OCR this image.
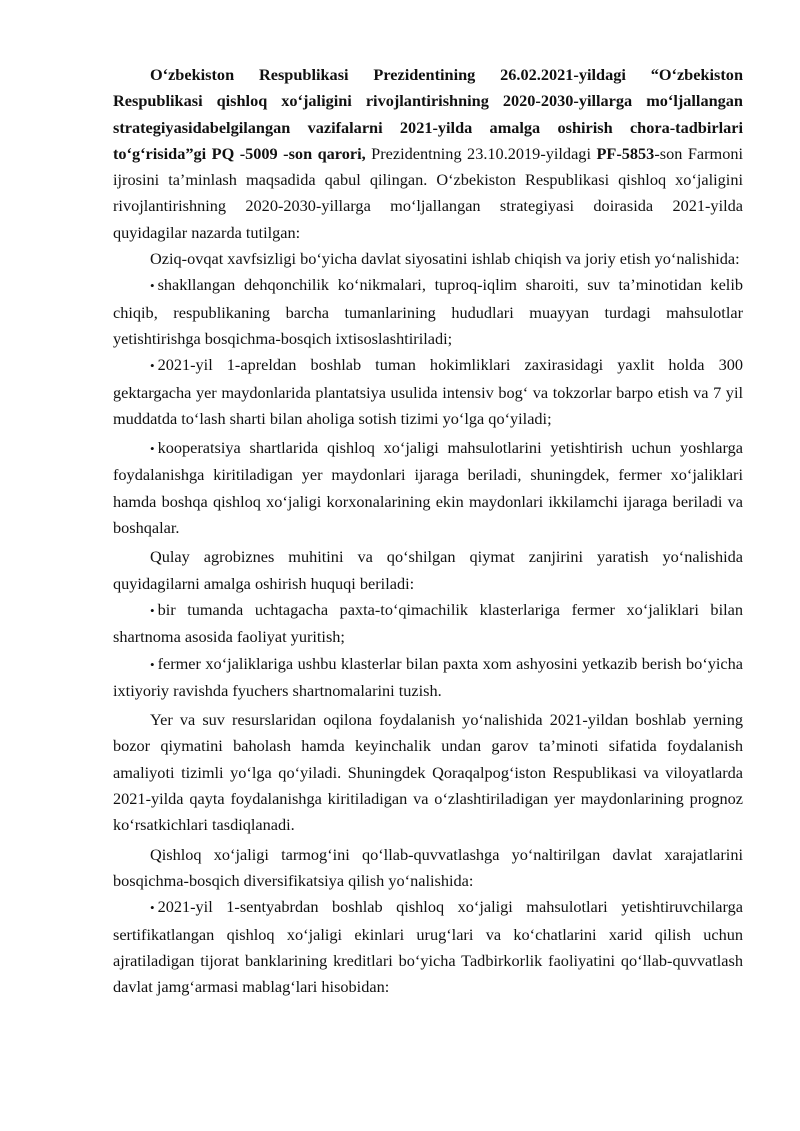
O‘zbekiston Respublikasi Prezidentining 26.02.2021-yildagi “O‘zbekiston Respublikasi qishloq xo‘jaligini rivojlantirishning 2020-2030-yillarga mo‘ljallangan strategiyasidabelgilangan vazifalarni 2021-yilda amalga oshirish chora-tadbirlari to‘g‘risida”gi PQ -5009 -son qarori, Prezidentning 23.10.2019-yildagi PF-5853-son Farmoni ijrosini ta’minlash maqsadida qabul qilingan. O‘zbekiston Respublikasi qishloq xo‘jaligini rivojlantirishning 2020-2030-yillarga mo‘ljallangan strategiyasi doirasida 2021-yilda quyidagilar nazarda tutilgan:

Oziq-ovqat xavfsizligi bo‘yicha davlat siyosatini ishlab chiqish va joriy etish yo‘nalishida:

• shakllangan dehqonchilik ko‘nikmalari, tuproq-iqlim sharoiti, suv ta’minotidan kelib chiqib, respublikaning barcha tumanlarining hududlari muayyan turdagi mahsulotlar yetishtirishga bosqichma-bosqich ixtisoslashtiriladi;

• 2021-yil 1-apreldan boshlab tuman hokimliklari zaxirasidagi yaxlit holda 300 gektargacha yer maydonlarida plantatsiya usulida intensiv bog‘ va tokzorlar barpo etish va 7 yil muddatda to‘lash sharti bilan aholiga sotish tizimi yo‘lga qo‘yiladi;

• kooperatsiya shartlarida qishloq xo‘jaligi mahsulotlarini yetishtirish uchun yoshlarga foydalanishga kiritiladigan yer maydonlari ijaraga beriladi, shuningdek, fermer xo‘jaliklari hamda boshqa qishloq xo‘jaligi korxonalarining ekin maydonlari ikkilamchi ijaraga beriladi va boshqalar.

Qulay agrobiznes muhitini va qo‘shilgan qiymat zanjirini yaratish yo‘nalishida quyidagilarni amalga oshirish huquqi beriladi:

• bir tumanda uchtagacha paxta-to‘qimachilik klasterlariga fermer xo‘jaliklari bilan shartnoma asosida faoliyat yuritish;

• fermer xo‘jaliklariga ushbu klasterlar bilan paxta xom ashyosini yetkazib berish bo‘yicha ixtiyoriy ravishda fyuchers shartnomalarini tuzish.

Yer va suv resurslaridan oqilona foydalanish yo‘nalishida 2021-yildan boshlab yerning bozor qiymatini baholash hamda keyinchalik undan garov ta’minoti sifatida foydalanish amaliyoti tizimli yo‘lga qo‘yiladi. Shuningdek Qoraqalpog‘iston Respublikasi va viloyatlarda 2021-yilda qayta foydalanishga kiritiladigan va o‘zlashtiriladigan yer maydonlarining prognoz ko‘rsatkichlari tasdiqlanadi.

Qishloq xo‘jaligi tarmog‘ini qo‘llab-quvvatlashga yo‘naltirilgan davlat xarajatlarini bosqichma-bosqich diversifikatsiya qilish yo‘nalishida:

• 2021-yil 1-sentyabrdan boshlab qishloq xo‘jaligi mahsulotlari yetishtiruvchilarga sertifikatlangan qishloq xo‘jaligi ekinlari urug‘lari va ko‘chatlarini xarid qilish uchun ajratiladigan tijorat banklarining kreditlari bo‘yicha Tadbirkorlik faoliyatini qo‘llab-quvvatlash davlat jamg‘armasi mablag‘lari hisobidan:
